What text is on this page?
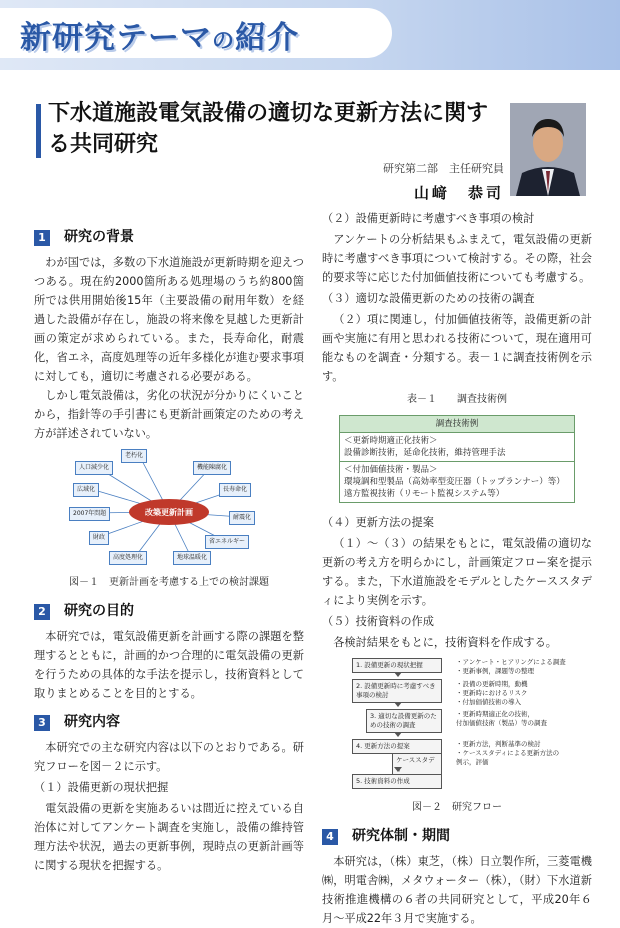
新研究テーマの紹介
下水道施設電気設備の適切な更新方法に関する共同研究
研究第二部　主任研究員
山﨑　恭司
1 研究の背景

わが国では，多数の下水道施設が更新時期を迎えつつある。現在約2000箇所ある処理場のうち約800箇所では供用開始後15年（主要設備の耐用年数）を経過した設備が存在し，施設の将来像を見越した更新計画の策定が求められている。また，長寿命化，耐震化，省エネ，高度処理等の近年多様化が進む要求事項に対しても，適切に考慮される必要がある。

しかし電気設備は，劣化の状況が分かりにくいことから，指針等の手引書にも更新計画策定のための考え方が詳述されていない。

改築更新計画
老朽化
人口減少化	機能陳腐化
広域化	長寿命化
2007年問題
耐震化
財政
省エネルギー
高度処理化	地球温暖化
図－１　更新計画を考慮する上での検討課題
2 研究の目的

本研究では，電気設備更新を計画する際の課題を整理するとともに，計画的かつ合理的に電気設備の更新を行うための具体的な手法を提示し，技術資料として取りまとめることを目的とする。

3 研究内容

本研究での主な研究内容は以下のとおりである。研究フローを図－２に示す。

（１）設備更新の現状把握

電気設備の更新を実施あるいは間近に控えている自治体に対してアンケート調査を実施し，設備の維持管理方法や状況，過去の更新事例，現時点の更新計画等に関する現状を把握する。

（２）設備更新時に考慮すべき事項の検討

アンケートの分析結果もふまえて，電気設備の更新時に考慮すべき事項について検討する。その際，社会的要求等に応じた付加価値技術についても考慮する。

（３）適切な設備更新のための技術の調査

（２）項に関連し，付加価値技術等，設備更新の計画や実施に有用と思われる技術について，現在適用可能なものを調査・分類する。表－１に調査技術例を示す。

表－１　　調査技術例
調査技術例
＜更新時期適正化技術＞
設備診断技術，延命化技術，維持管理手法
＜付加価値技術・製品＞
環境調和型製品（高効率型変圧器（トップランナー）等）
遠方監視技術（リモート監視システム等）
（４）更新方法の提案

（１）～（３）の結果をもとに，電気設備の適切な更新の考え方を明らかにし，計画策定フロー案を提示する。また，下水道施設をモデルとしたケーススタディにより実例を示す。

（５）技術資料の作成

各検討結果をもとに，技術資料を作成する。

1. 設備更新の現状把握
2. 設備更新時に考慮すべき事項の検討
3. 適切な設備更新のための技術の調査
4. 更新方法の提案
ケーススタディ
5. 技術資料の作成
・アンケート・ヒアリングによる調査
・更新事例，課題等の整理
・設備の更新時期，動機
・更新時におけるリスク
・付加価値技術の導入
・更新時期適正化の技術，
付加価値技術（製品）等の調査
・更新方法，判断基準の検討
・ケーススタディによる更新方法の
例示，評価
図－２　研究フロー
4 研究体制・期間

本研究は，（株）東芝，（株）日立製作所，三菱電機㈱，明電舎㈱，メタウォーター（株），（財）下水道新技術推進機構の６者の共同研究として，平成20年６月～平成22年３月で実施する。
